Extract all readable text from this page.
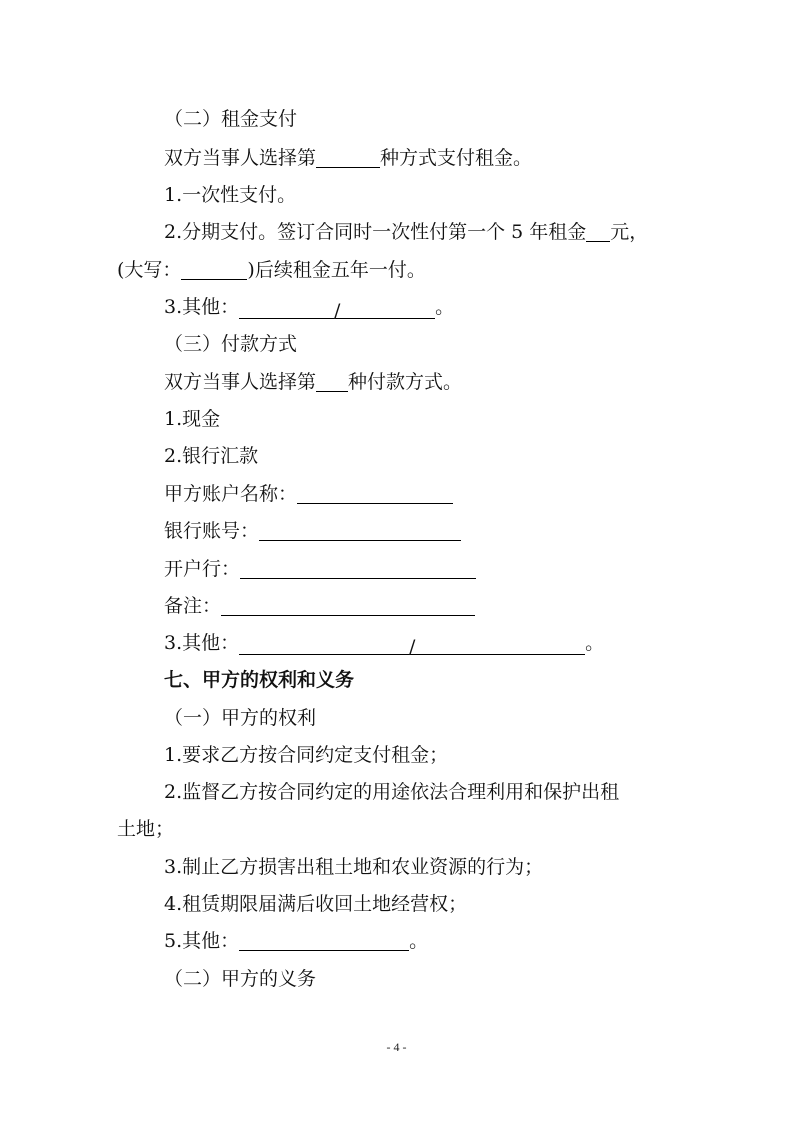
（二）租金支付
双方当事人选择第	种方式支付租金。
1.一次性支付。
2.分期支付。签订合同时一次性付第一个 5 年租金 元，
(大写：	)后续租金五年一付。
3.其他：	/	。
（三）付款方式
双方当事人选择第 种付款方式。
1.现金
2.银行汇款
甲方账户名称：
银行账号：
开户行：
备注：
3.其他：	/	。
七、甲方的权利和义务
（一）甲方的权利
1.要求乙方按合同约定支付租金；
2.监督乙方按合同约定的用途依法合理利用和保护出租
土地；
3.制止乙方损害出租土地和农业资源的行为；
4.租赁期限届满后收回土地经营权；
5.其他：	。
（二）甲方的义务
- 4 -
